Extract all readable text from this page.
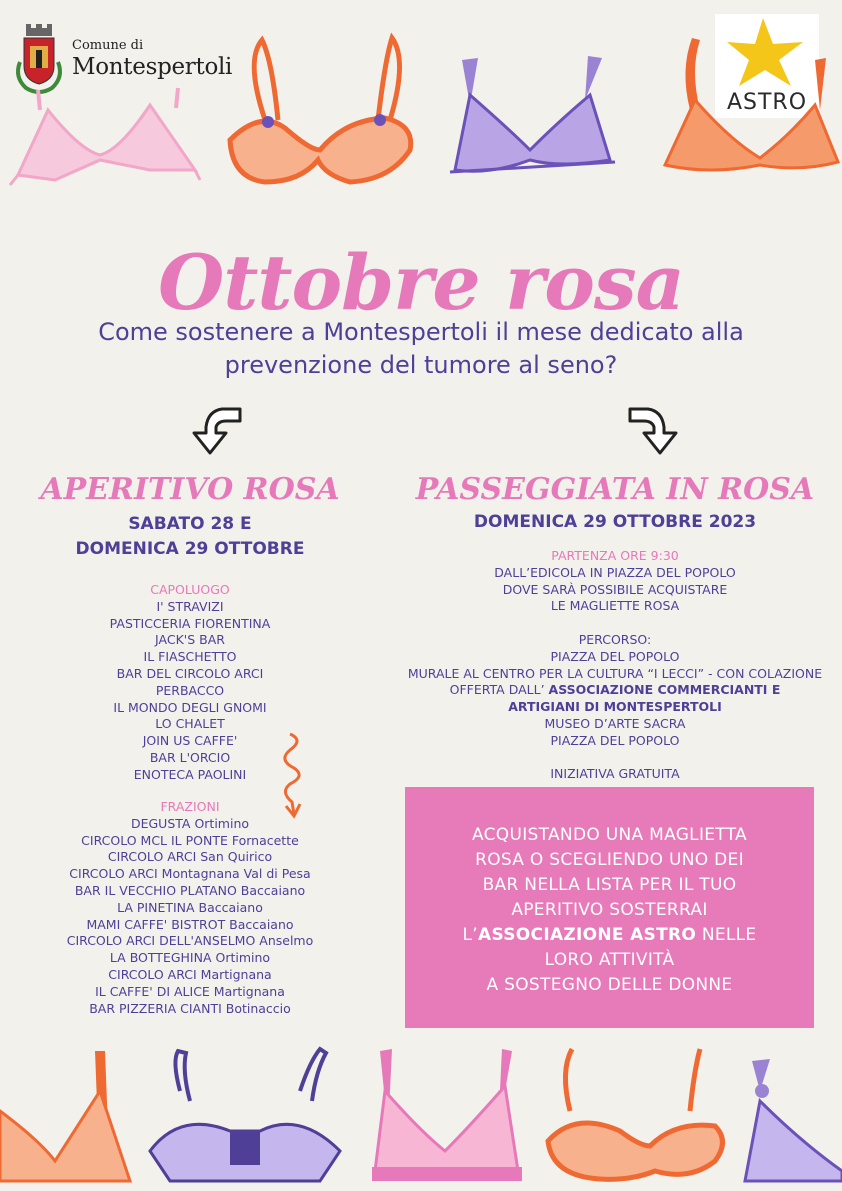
Comune di
Montespertoli
ASTRO
Ottobre rosa
Come sostenere a Montespertoli il mese dedicato alla
prevenzione del tumore al seno?
APERITIVO ROSA	PASSEGGIATA IN ROSA
SABATO 28 E
DOMENICA 29 OTTOBRE
DOMENICA 29 OTTOBRE 2023
CAPOLUOGO
I' STRAVIZI
PASTICCERIA FIORENTINA
JACK'S BAR
IL FIASCHETTO
BAR DEL CIRCOLO ARCI
PERBACCO
IL MONDO DEGLI GNOMI
LO CHALET
JOIN US CAFFE'
BAR L'ORCIO
ENOTECA PAOLINI
FRAZIONI
DEGUSTA Ortimino
CIRCOLO MCL IL PONTE Fornacette
CIRCOLO ARCI San Quirico
CIRCOLO ARCI Montagnana Val di Pesa
BAR IL VECCHIO PLATANO Baccaiano
LA PINETINA Baccaiano
MAMI CAFFE' BISTROT Baccaiano
CIRCOLO ARCI DELL'ANSELMO Anselmo
LA BOTTEGHINA Ortimino
CIRCOLO ARCI Martignana
IL CAFFE' DI ALICE Martignana
BAR PIZZERIA CIANTI Botinaccio
PARTENZA ORE 9:30
DALL’EDICOLA IN PIAZZA DEL POPOLO
DOVE SARÀ POSSIBILE ACQUISTARE
LE MAGLIETTE ROSA
PERCORSO:
PIAZZA DEL POPOLO
MURALE AL CENTRO PER LA CULTURA “I LECCI” - CON COLAZIONE
OFFERTA DALL’ ASSOCIAZIONE COMMERCIANTI E
ARTIGIANI DI MONTESPERTOLI
MUSEO D’ARTE SACRA
PIAZZA DEL POPOLO
INIZIATIVA GRATUITA
ACQUISTANDO UNA MAGLIETTA
ROSA O SCEGLIENDO UNO DEI
BAR NELLA LISTA PER IL TUO
APERITIVO SOSTERRAI
L’ASSOCIAZIONE ASTRO NELLE
LORO ATTIVITÀ
A SOSTEGNO DELLE DONNE
